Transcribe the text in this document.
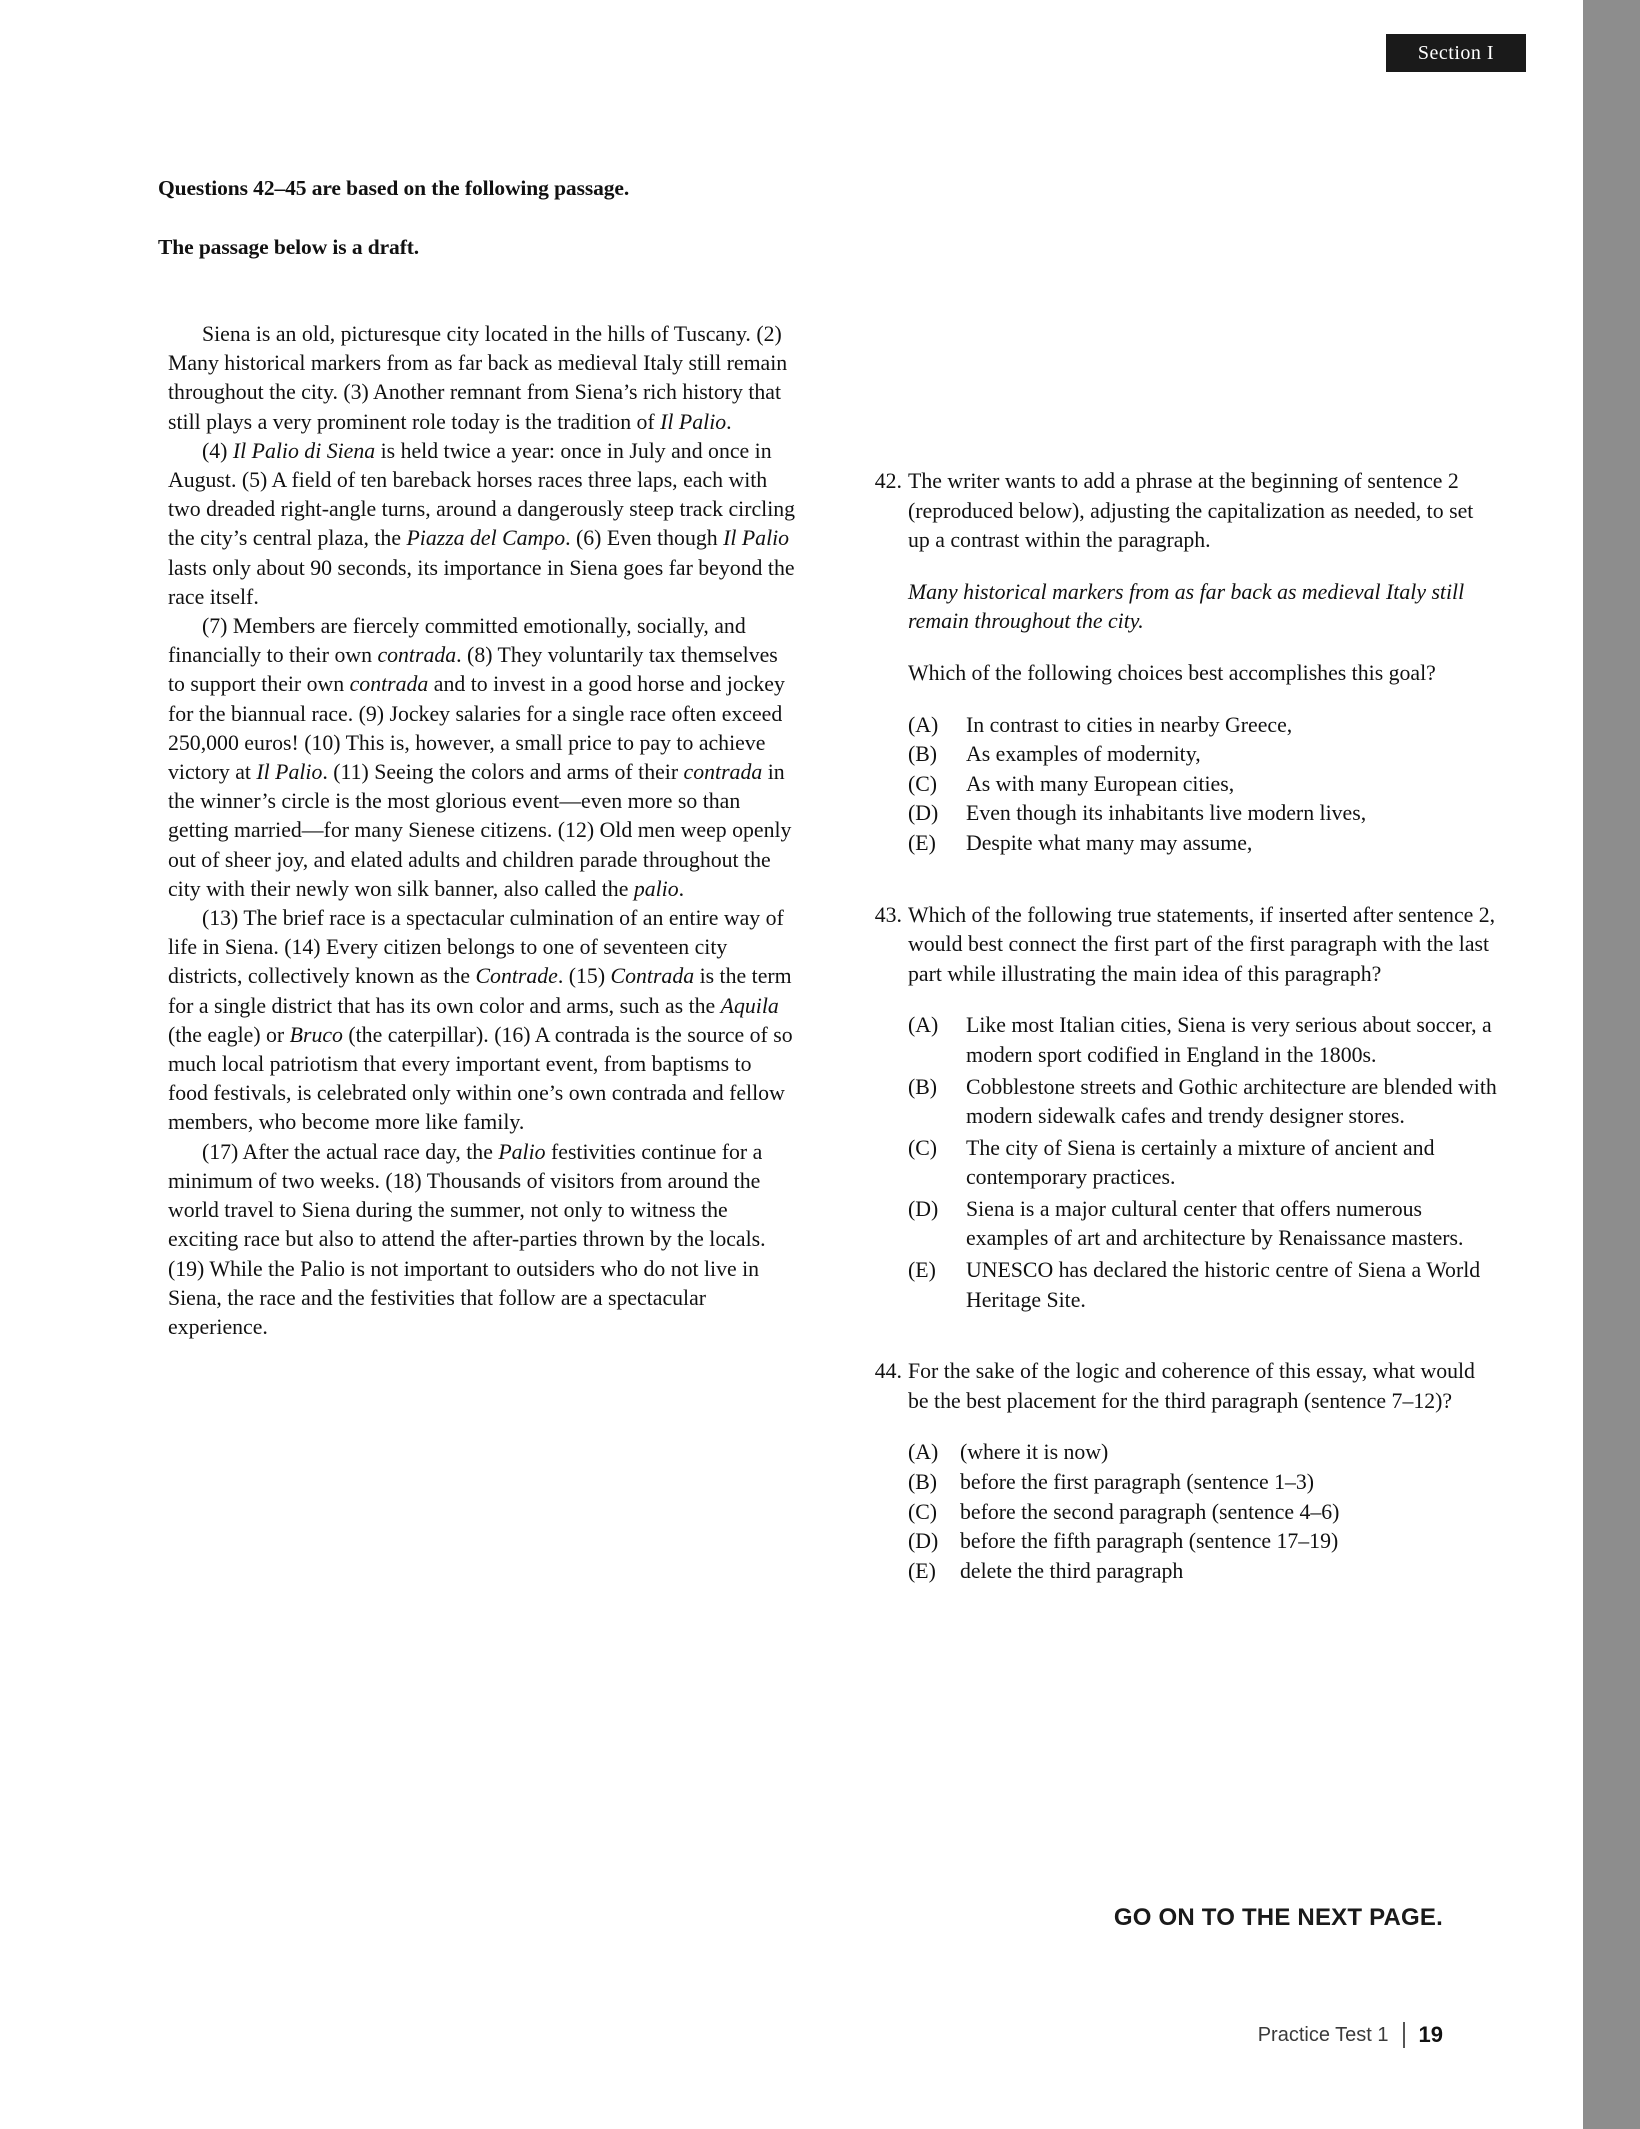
Section I
Questions 42–45 are based on the following passage.
The passage below is a draft.

Siena is an old, picturesque city located in the hills of Tuscany. (2) Many historical markers from as far back as medieval Italy still remain throughout the city. (3) Another remnant from Siena’s rich history that still plays a very prominent role today is the tradition of Il Palio.

(4) Il Palio di Siena is held twice a year: once in July and once in August. (5) A field of ten bareback horses races three laps, each with two dreaded right-angle turns, around a dangerously steep track circling the city’s central plaza, the Piazza del Campo. (6) Even though Il Palio lasts only about 90 seconds, its importance in Siena goes far beyond the race itself.

(7) Members are fiercely committed emotionally, socially, and financially to their own contrada. (8) They voluntarily tax themselves to support their own contrada and to invest in a good horse and jockey for the biannual race. (9) Jockey salaries for a single race often exceed 250,000 euros! (10) This is, however, a small price to pay to achieve victory at Il Palio. (11) Seeing the colors and arms of their contrada in the winner’s circle is the most glorious event—even more so than getting married—for many Sienese citizens. (12) Old men weep openly out of sheer joy, and elated adults and children parade throughout the city with their newly won silk banner, also called the palio.

(13) The brief race is a spectacular culmination of an entire way of life in Siena. (14) Every citizen belongs to one of seventeen city districts, collectively known as the Contrade. (15) Contrada is the term for a single district that has its own color and arms, such as the Aquila (the eagle) or Bruco (the caterpillar). (16) A contrada is the source of so much local patriotism that every important event, from baptisms to food festivals, is celebrated only within one’s own contrada and fellow members, who become more like family.

(17) After the actual race day, the Palio festivities continue for a minimum of two weeks. (18) Thousands of visitors from around the world travel to Siena during the summer, not only to witness the exciting race but also to attend the after-parties thrown by the locals. (19) While the Palio is not important to outsiders who do not live in Siena, the race and the festivities that follow are a spectacular experience.

42. The writer wants to add a phrase at the beginning of sentence 2 (reproduced below), adjusting the capitalization as needed, to set up a contrast within the paragraph.
Many historical markers from as far back as medieval Italy still remain throughout the city.
Which of the following choices best accomplishes this goal?
(A)	In contrast to cities in nearby Greece,
(B)	As examples of modernity,
(C)	As with many European cities,
(D)	Even though its inhabitants live modern lives,
(E)	Despite what many may assume,
43. Which of the following true statements, if inserted after sentence 2, would best connect the first part of the first paragraph with the last part while illustrating the main idea of this paragraph?
(A)	Like most Italian cities, Siena is very serious about soccer, a modern sport codified in England in the 1800s.
(B)	Cobblestone streets and Gothic architecture are blended with modern sidewalk cafes and trendy designer stores.
(C)	The city of Siena is certainly a mixture of ancient and contemporary practices.
(D)	Siena is a major cultural center that offers numerous examples of art and architecture by Renaissance masters.
(E)	UNESCO has declared the historic centre of Siena a World Heritage Site.
44. For the sake of the logic and coherence of this essay, what would be the best placement for the third paragraph (sentence 7–12)?
(A) (where it is now)
(B)	before the first paragraph (sentence 1–3)
(C)	before the second paragraph (sentence 4–6)
(D) before the fifth paragraph (sentence 17–19)
(E)	delete the third paragraph
GO ON TO THE NEXT PAGE.
Practice Test 1 19
